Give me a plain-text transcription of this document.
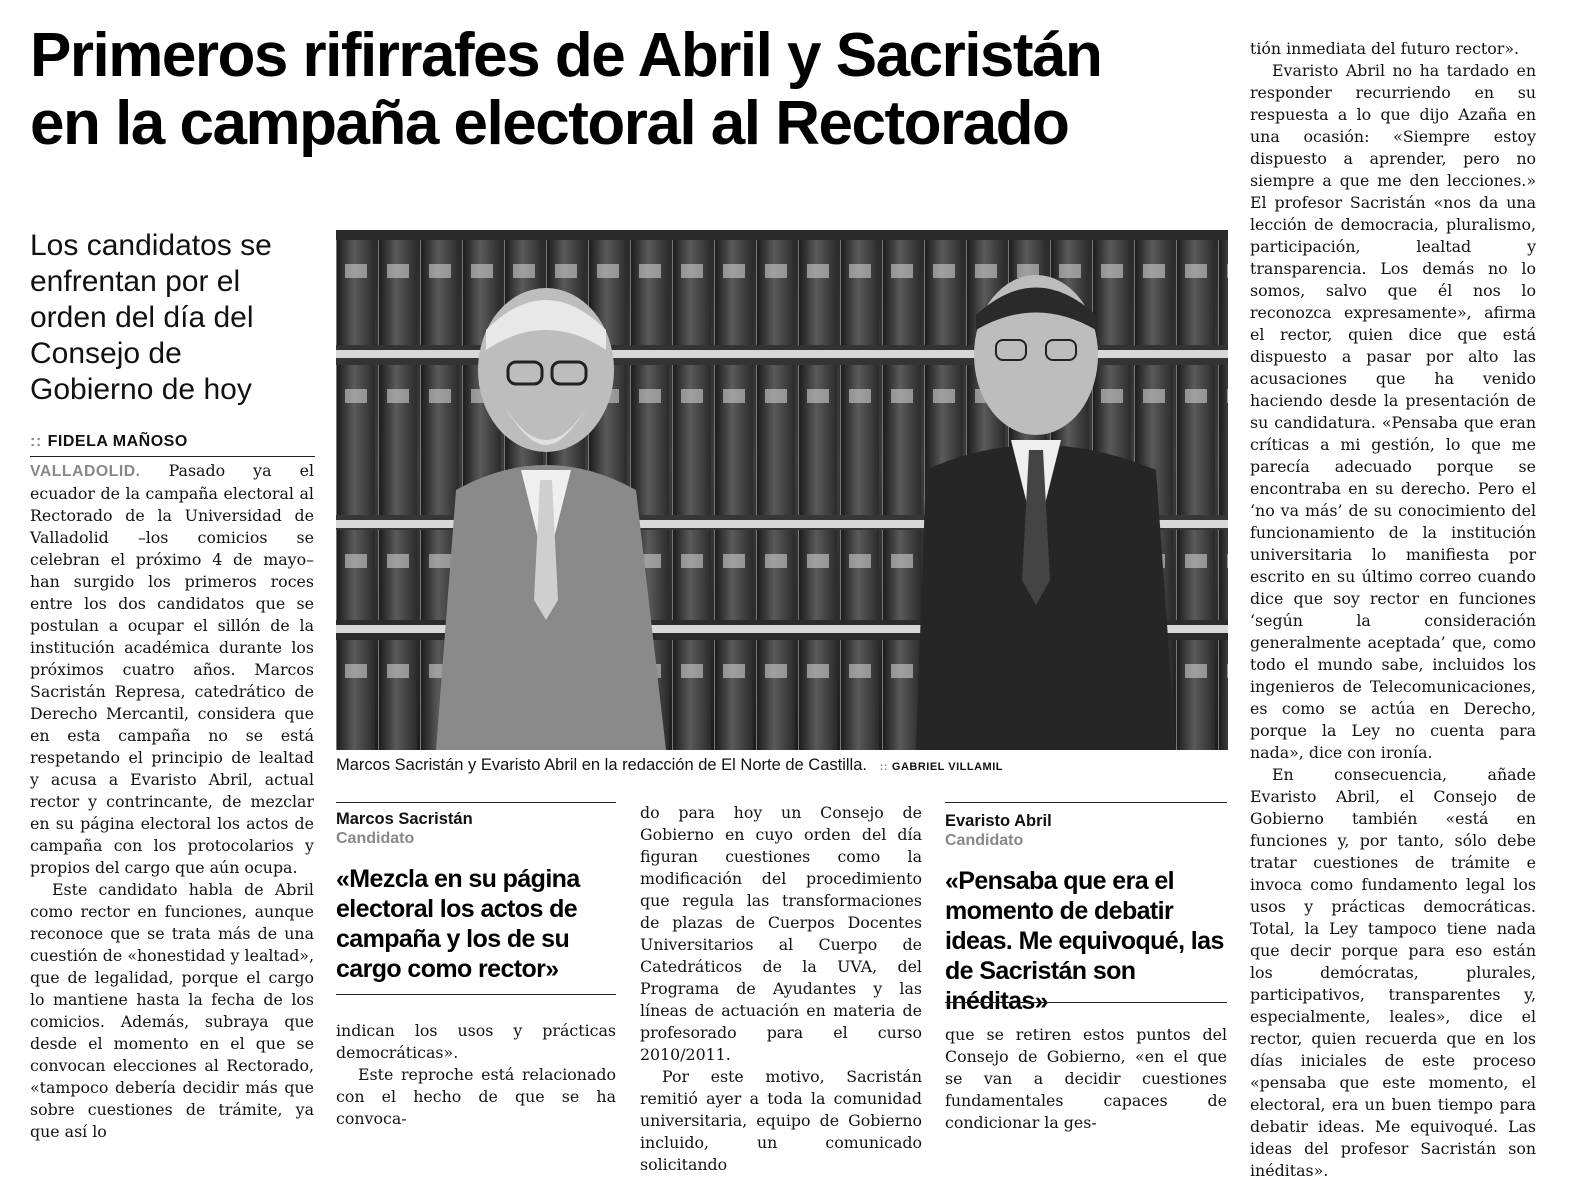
Primeros rifirrafes de Abril y Sacristán
en la campaña electoral al Rectorado
Los candidatos se
enfrentan por el
orden del día del
Consejo de
Gobierno de hoy
:: FIDELA MAÑOSO

VALLADOLID. Pasado ya el ecuador de la campaña electoral al Rectorado de la Universidad de Valladolid –los comicios se celebran el próximo 4 de mayo– han surgido los primeros roces entre los dos candidatos que se postulan a ocupar el sillón de la institución académica durante los próximos cuatro años. Marcos Sacristán Represa, catedrático de Derecho Mercantil, considera que en esta campaña no se está respetando el principio de lealtad y acusa a Evaristo Abril, actual rector y contrincante, de mezclar en su página electoral los actos de campaña con los protocolarios y propios del cargo que aún ocupa.

Este candidato habla de Abril como rector en funciones, aunque reconoce que se trata más de una cuestión de «honestidad y lealtad», que de legalidad, porque el cargo lo mantiene hasta la fecha de los comicios. Además, subraya que desde el momento en el que se convocan elecciones al Rectorado, «tampoco debería decidir más que sobre cuestiones de trámite, ya que así lo

Marcos Sacristán y Evaristo Abril en la redacción de El Norte de Castilla. :: GABRIEL VILLAMIL
Marcos Sacristán
Candidato
«Mezcla en su página electoral los actos de campaña y los de su cargo como rector»

indican los usos y prácticas democráticas».

Este reproche está relacionado con el hecho de que se ha convoca-

do para hoy un Consejo de Gobierno en cuyo orden del día figuran cuestiones como la modificación del procedimiento que regula las transformaciones de plazas de Cuerpos Docentes Universitarios al Cuerpo de Catedráticos de la UVA, del Programa de Ayudantes y las líneas de actuación en materia de profesorado para el curso 2010/2011.

Por este motivo, Sacristán remitió ayer a toda la comunidad universitaria, equipo de Gobierno incluido, un comunicado solicitando

Evaristo Abril
Candidato
«Pensaba que era el momento de debatir ideas. Me equivoqué, las de Sacristán son inéditas»

que se retiren estos puntos del Consejo de Gobierno, «en el que se van a decidir cuestiones fundamentales capaces de condicionar la ges-

tión inmediata del futuro rector».

Evaristo Abril no ha tardado en responder recurriendo en su respuesta a lo que dijo Azaña en una ocasión: «Siempre estoy dispuesto a aprender, pero no siempre a que me den lecciones.» El profesor Sacristán «nos da una lección de democracia, pluralismo, participación, lealtad y transparencia. Los demás no lo somos, salvo que él nos lo reconozca expresamente», afirma el rector, quien dice que está dispuesto a pasar por alto las acusaciones que ha venido haciendo desde la presentación de su candidatura. «Pensaba que eran críticas a mi gestión, lo que me parecía adecuado porque se encontraba en su derecho. Pero el ‘no va más’ de su conocimiento del funcionamiento de la institución universitaria lo manifiesta por escrito en su último correo cuando dice que soy rector en funciones ‘según la consideración generalmente aceptada’ que, como todo el mundo sabe, incluidos los ingenieros de Telecomunicaciones, es como se actúa en Derecho, porque la Ley no cuenta para nada», dice con ironía.

En consecuencia, añade Evaristo Abril, el Consejo de Gobierno también «está en funciones y, por tanto, sólo debe tratar cuestiones de trámite e invoca como fundamento legal los usos y prácticas democráticas. Total, la Ley tampoco tiene nada que decir porque para eso están los demócratas, plurales, participativos, transparentes y, especialmente, leales», dice el rector, quien recuerda que en los días iniciales de este proceso «pensaba que este momento, el electoral, era un buen tiempo para debatir ideas. Me equivoqué. Las ideas del profesor Sacristán son inéditas».
